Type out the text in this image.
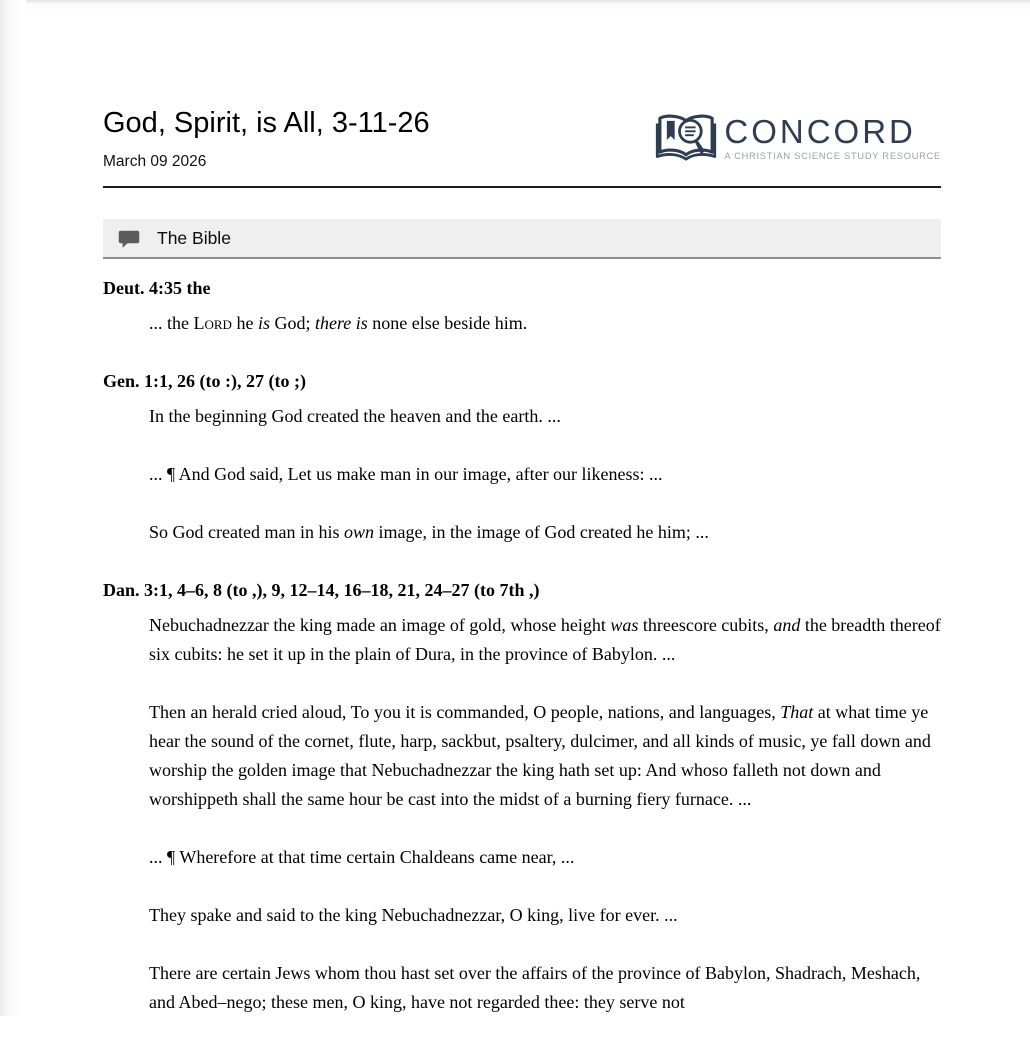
God, Spirit, is All, 3-11-26
March 09 2026
CONCORD
A CHRISTIAN SCIENCE STUDY RESOURCE
The Bible
Deut. 4:35 the

... the Lord he is God; there is none else beside him.

Gen. 1:1, 26 (to :), 27 (to ;)

In the beginning God created the heaven and the earth. ...

... ¶ And God said, Let us make man in our image, after our likeness: ...

So God created man in his own image, in the image of God created he him; ...

Dan. 3:1, 4–6, 8 (to ,), 9, 12–14, 16–18, 21, 24–27 (to 7th ,)

Nebuchadnezzar the king made an image of gold, whose height was threescore cubits, and the breadth thereof six cubits: he set it up in the plain of Dura, in the province of Babylon. ...

Then an herald cried aloud, To you it is commanded, O people, nations, and languages, That at what time ye hear the sound of the cornet, flute, harp, sackbut, psaltery, dulcimer, and all kinds of music, ye fall down and worship the golden image that Nebuchadnezzar the king hath set up: And whoso falleth not down and worshippeth shall the same hour be cast into the midst of a burning fiery furnace. ...

... ¶ Wherefore at that time certain Chaldeans came near, ...

They spake and said to the king Nebuchadnezzar, O king, live for ever. ...

There are certain Jews whom thou hast set over the affairs of the province of Babylon, Shadrach, Meshach, and Abed–nego; these men, O king, have not regarded thee: they serve not
